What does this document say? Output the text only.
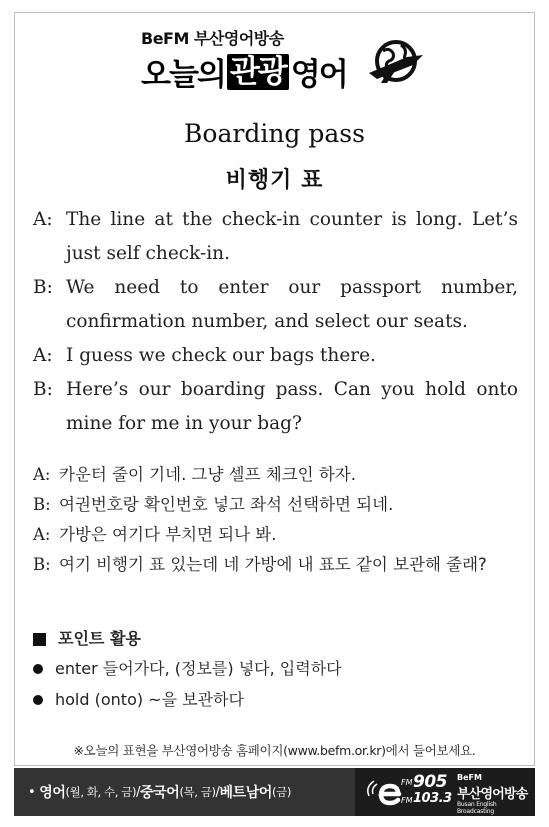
BeFM 부산영어방송
오늘의 관광 영어
Boarding pass
비행기 표
A: The line at the check-in counter is long. Let’s just self check-in.
B: We need to enter our passport number, confirmation number, and select our seats.
A: I guess we check our bags there.
B: Here’s our boarding pass. Can you hold onto mine for me in your bag?
A: 카운터 줄이 기네. 그냥 셀프 체크인 하자.
B: 여권번호랑 확인번호 넣고 좌석 선택하면 되네.
A: 가방은 여기다 부치면 되나 봐.
B: 여기 비행기 표 있는데 네 가방에 내 표도 같이 보관해 줄래?
포인트 활용
enter 들어가다, (정보를) 넣다, 입력하다
hold (onto) ~을 보관하다
※오늘의 표현을 부산영어방송 홈페이지(www.befm.or.kr)에서 들어보세요.
• 영어 (월, 화, 수, 금) / 중국어 (목, 금) / 베트남어 (금)
FM 905
FM 103.3
BeFM
부산영어방송
Busan English Broadcasting
